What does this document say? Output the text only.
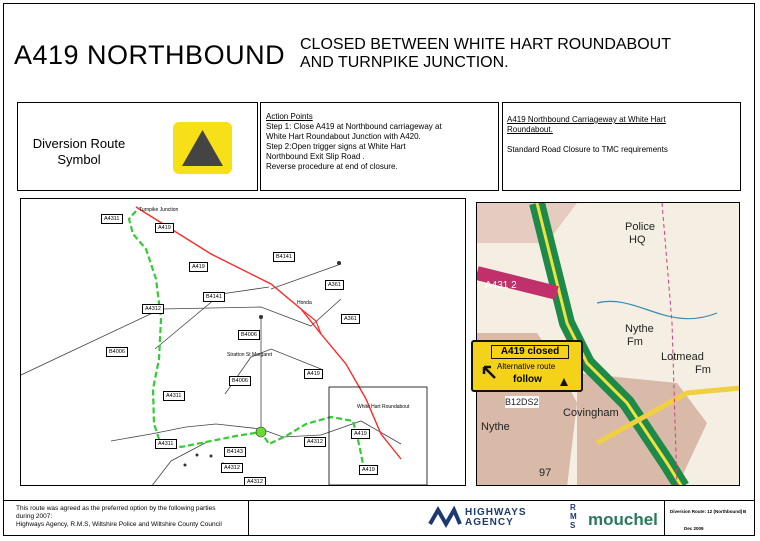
A419 NORTHBOUND CLOSED BETWEEN WHITE HART ROUNDABOUT
AND TURNPIKE JUNCTION.
Diversion Route
Symbol
Action Points
Step 1: Close A419 at Northbound carriageway at
White Hart Roundabout Junction with A420.
Step 2:Open trigger signs at White Hart
Northbound Exit Slip Road .
Reverse procedure at end of closure.
A419 Northbound Carriageway at White Hart
Roundabout.
Standard Road Closure to TMC requirements
A4311
A419
A419
B4141
B4141
A361
A4312
A361
B4006
B4006
B4006
A419
A4311
B4143
A4311
A4312
A4312
A419
A4312
A419
Turnpike Junction
Honda
Stratton St Margaret
White Hart Roundabout
Police
HQ
A431 2
Nythe
Fm
Lotmead
Fm
B12DS2
Covingham
Nythe
97
A419 closed
Alternative route
follow
This route was agreed as the preferred option by the following parties
during 2007:
Highways Agency, R.M.S, Wiltshire Police and Wiltshire County Council
HIGHWAYS
AGENCY
RMS mouchel	Diversion Route: 12 (Northbound) B
Dec 2009
